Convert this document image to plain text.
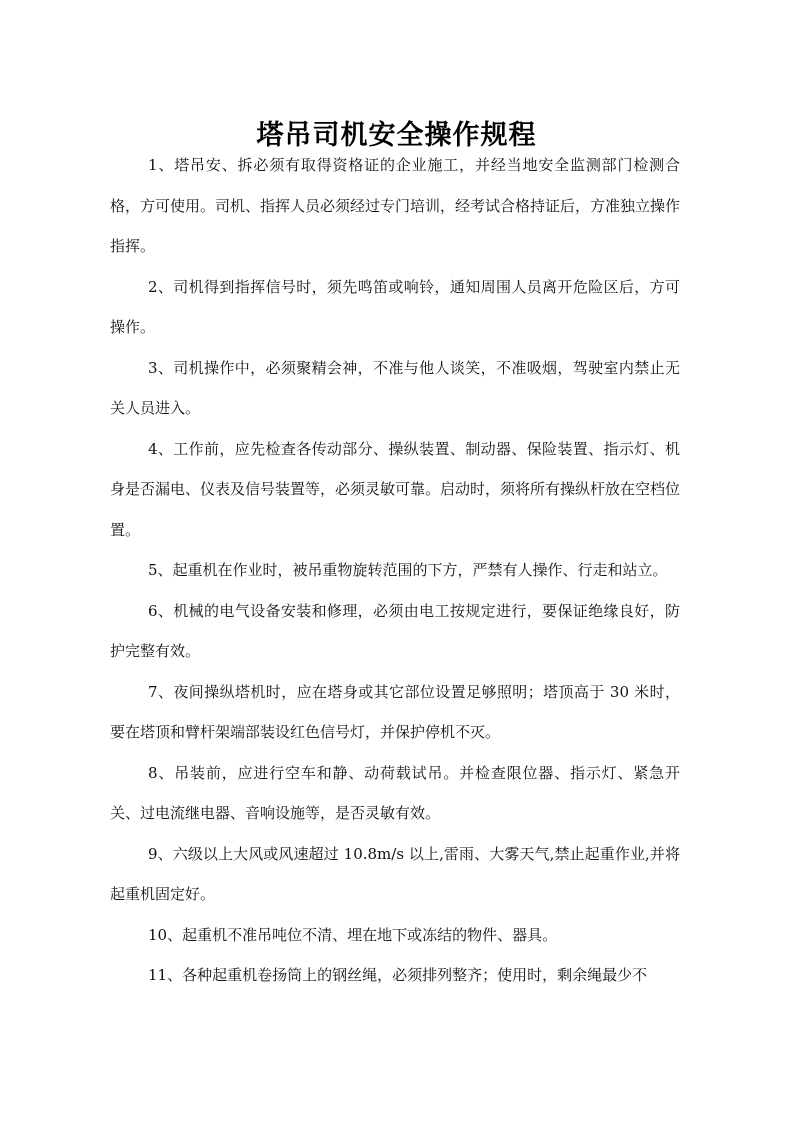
塔吊司机安全操作规程

1、塔吊安、拆必须有取得资格证的企业施工，并经当地安全监测部门检测合格，方可使用。司机、指挥人员必须经过专门培训，经考试合格持证后，方准独立操作指挥。

2、司机得到指挥信号时，须先鸣笛或响铃，通知周围人员离开危险区后，方可操作。

3、司机操作中，必须聚精会神，不准与他人谈笑，不准吸烟，驾驶室内禁止无关人员进入。

4、工作前，应先检查各传动部分、操纵装置、制动器、保险装置、指示灯、机身是否漏电、仪表及信号装置等，必须灵敏可靠。启动时，须将所有操纵杆放在空档位置。

5、起重机在作业时，被吊重物旋转范围的下方，严禁有人操作、行走和站立。

6、机械的电气设备安装和修理，必须由电工按规定进行，要保证绝缘良好，防护完整有效。

7、夜间操纵塔机时，应在塔身或其它部位设置足够照明；塔顶高于 30 米时，要在塔顶和臂杆架端部装设红色信号灯，并保护停机不灭。

8、吊装前，应进行空车和静、动荷载试吊。并检查限位器、指示灯、紧急开关、过电流继电器、音响设施等，是否灵敏有效。

9、六级以上大风或风速超过 10.8m/s 以上,雷雨、大雾天气,禁止起重作业,并将起重机固定好。

10、起重机不准吊吨位不清、埋在地下或冻结的物件、器具。

11、各种起重机卷扬筒上的钢丝绳，必须排列整齐；使用时，剩余绳最少不
